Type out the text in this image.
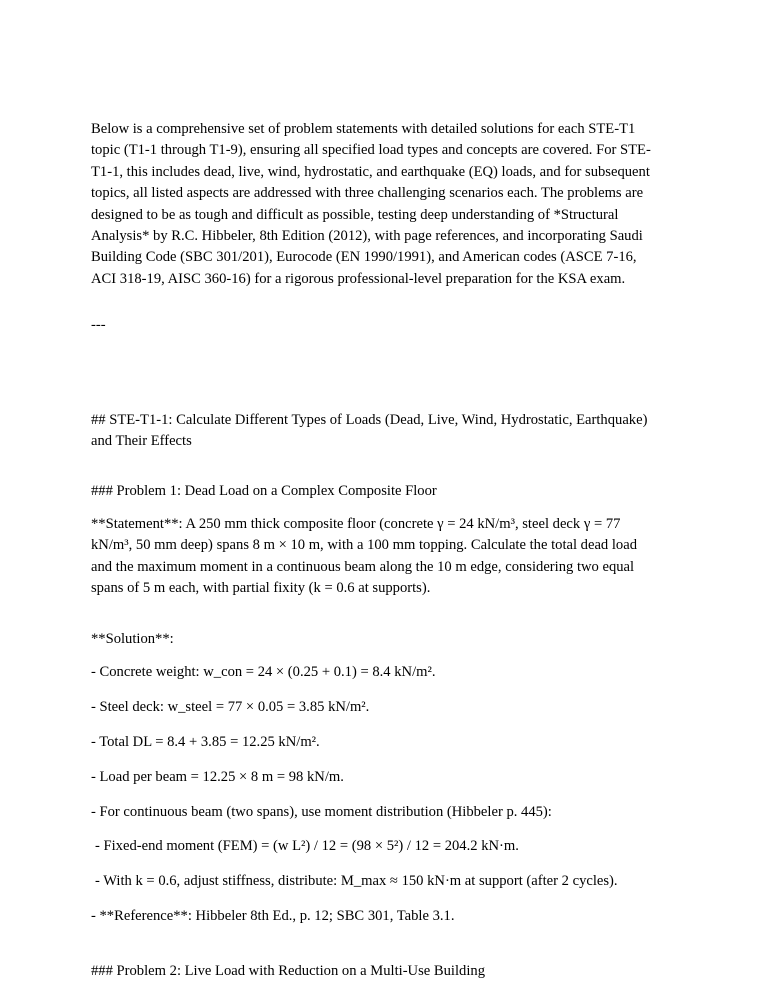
Below is a comprehensive set of problem statements with detailed solutions for each STE-T1
topic (T1-1 through T1-9), ensuring all specified load types and concepts are covered. For STE-
T1-1, this includes dead, live, wind, hydrostatic, and earthquake (EQ) loads, and for subsequent
topics, all listed aspects are addressed with three challenging scenarios each. The problems are
designed to be as tough and difficult as possible, testing deep understanding of *Structural
Analysis* by R.C. Hibbeler, 8th Edition (2012), with page references, and incorporating Saudi
Building Code (SBC 301/201), Eurocode (EN 1990/1991), and American codes (ASCE 7-16,
ACI 318-19, AISC 360-16) for a rigorous professional-level preparation for the KSA exam.
---
## STE-T1-1: Calculate Different Types of Loads (Dead, Live, Wind, Hydrostatic, Earthquake)
and Their Effects
### Problem 1: Dead Load on a Complex Composite Floor
**Statement**: A 250 mm thick composite floor (concrete γ = 24 kN/m³, steel deck γ = 77
kN/m³, 50 mm deep) spans 8 m × 10 m, with a 100 mm topping. Calculate the total dead load
and the maximum moment in a continuous beam along the 10 m edge, considering two equal
spans of 5 m each, with partial fixity (k = 0.6 at supports).
**Solution**:
- Concrete weight: w_con = 24 × (0.25 + 0.1) = 8.4 kN/m².
- Steel deck: w_steel = 77 × 0.05 = 3.85 kN/m².
- Total DL = 8.4 + 3.85 = 12.25 kN/m².
- Load per beam = 12.25 × 8 m = 98 kN/m.
- For continuous beam (two spans), use moment distribution (Hibbeler p. 445):
- Fixed-end moment (FEM) = (w L²) / 12 = (98 × 5²) / 12 = 204.2 kN·m.
- With k = 0.6, adjust stiffness, distribute: M_max ≈ 150 kN·m at support (after 2 cycles).
- **Reference**: Hibbeler 8th Ed., p. 12; SBC 301, Table 3.1.
### Problem 2: Live Load with Reduction on a Multi-Use Building
